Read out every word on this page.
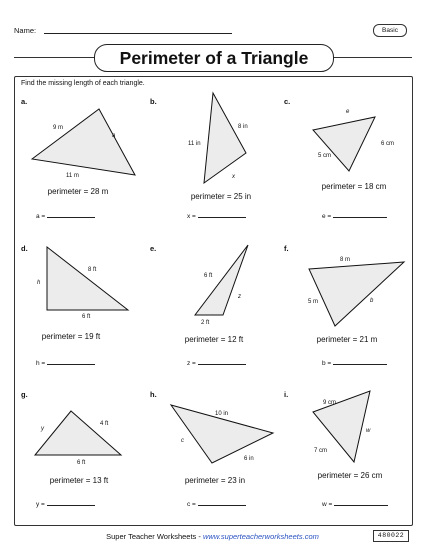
Name:	Basic
Perimeter of a Triangle
Find the missing length of each triangle.
a.	b.	c.
d.	e.	f.
g.	h.	i.
9 m
a
11 m
11 in
8 in
x
e
6 cm
5 cm
8 ft
h
6 ft
6 ft
z
2 ft
8 m
5 m	b
4 ft
y
6 ft
10 in
c
6 in
9 cm
w
7 cm
perimeter = 28 m
perimeter = 25 in
perimeter = 18 cm
perimeter = 19 ft	perimeter = 12 ft	perimeter = 21 m
perimeter = 13 ft	perimeter = 23 in
perimeter = 26 cm
a =	x =	e =
h =	z =	b =
y =	c =	w =
Super Teacher Worksheets - www.superteacherworksheets.com	480022
